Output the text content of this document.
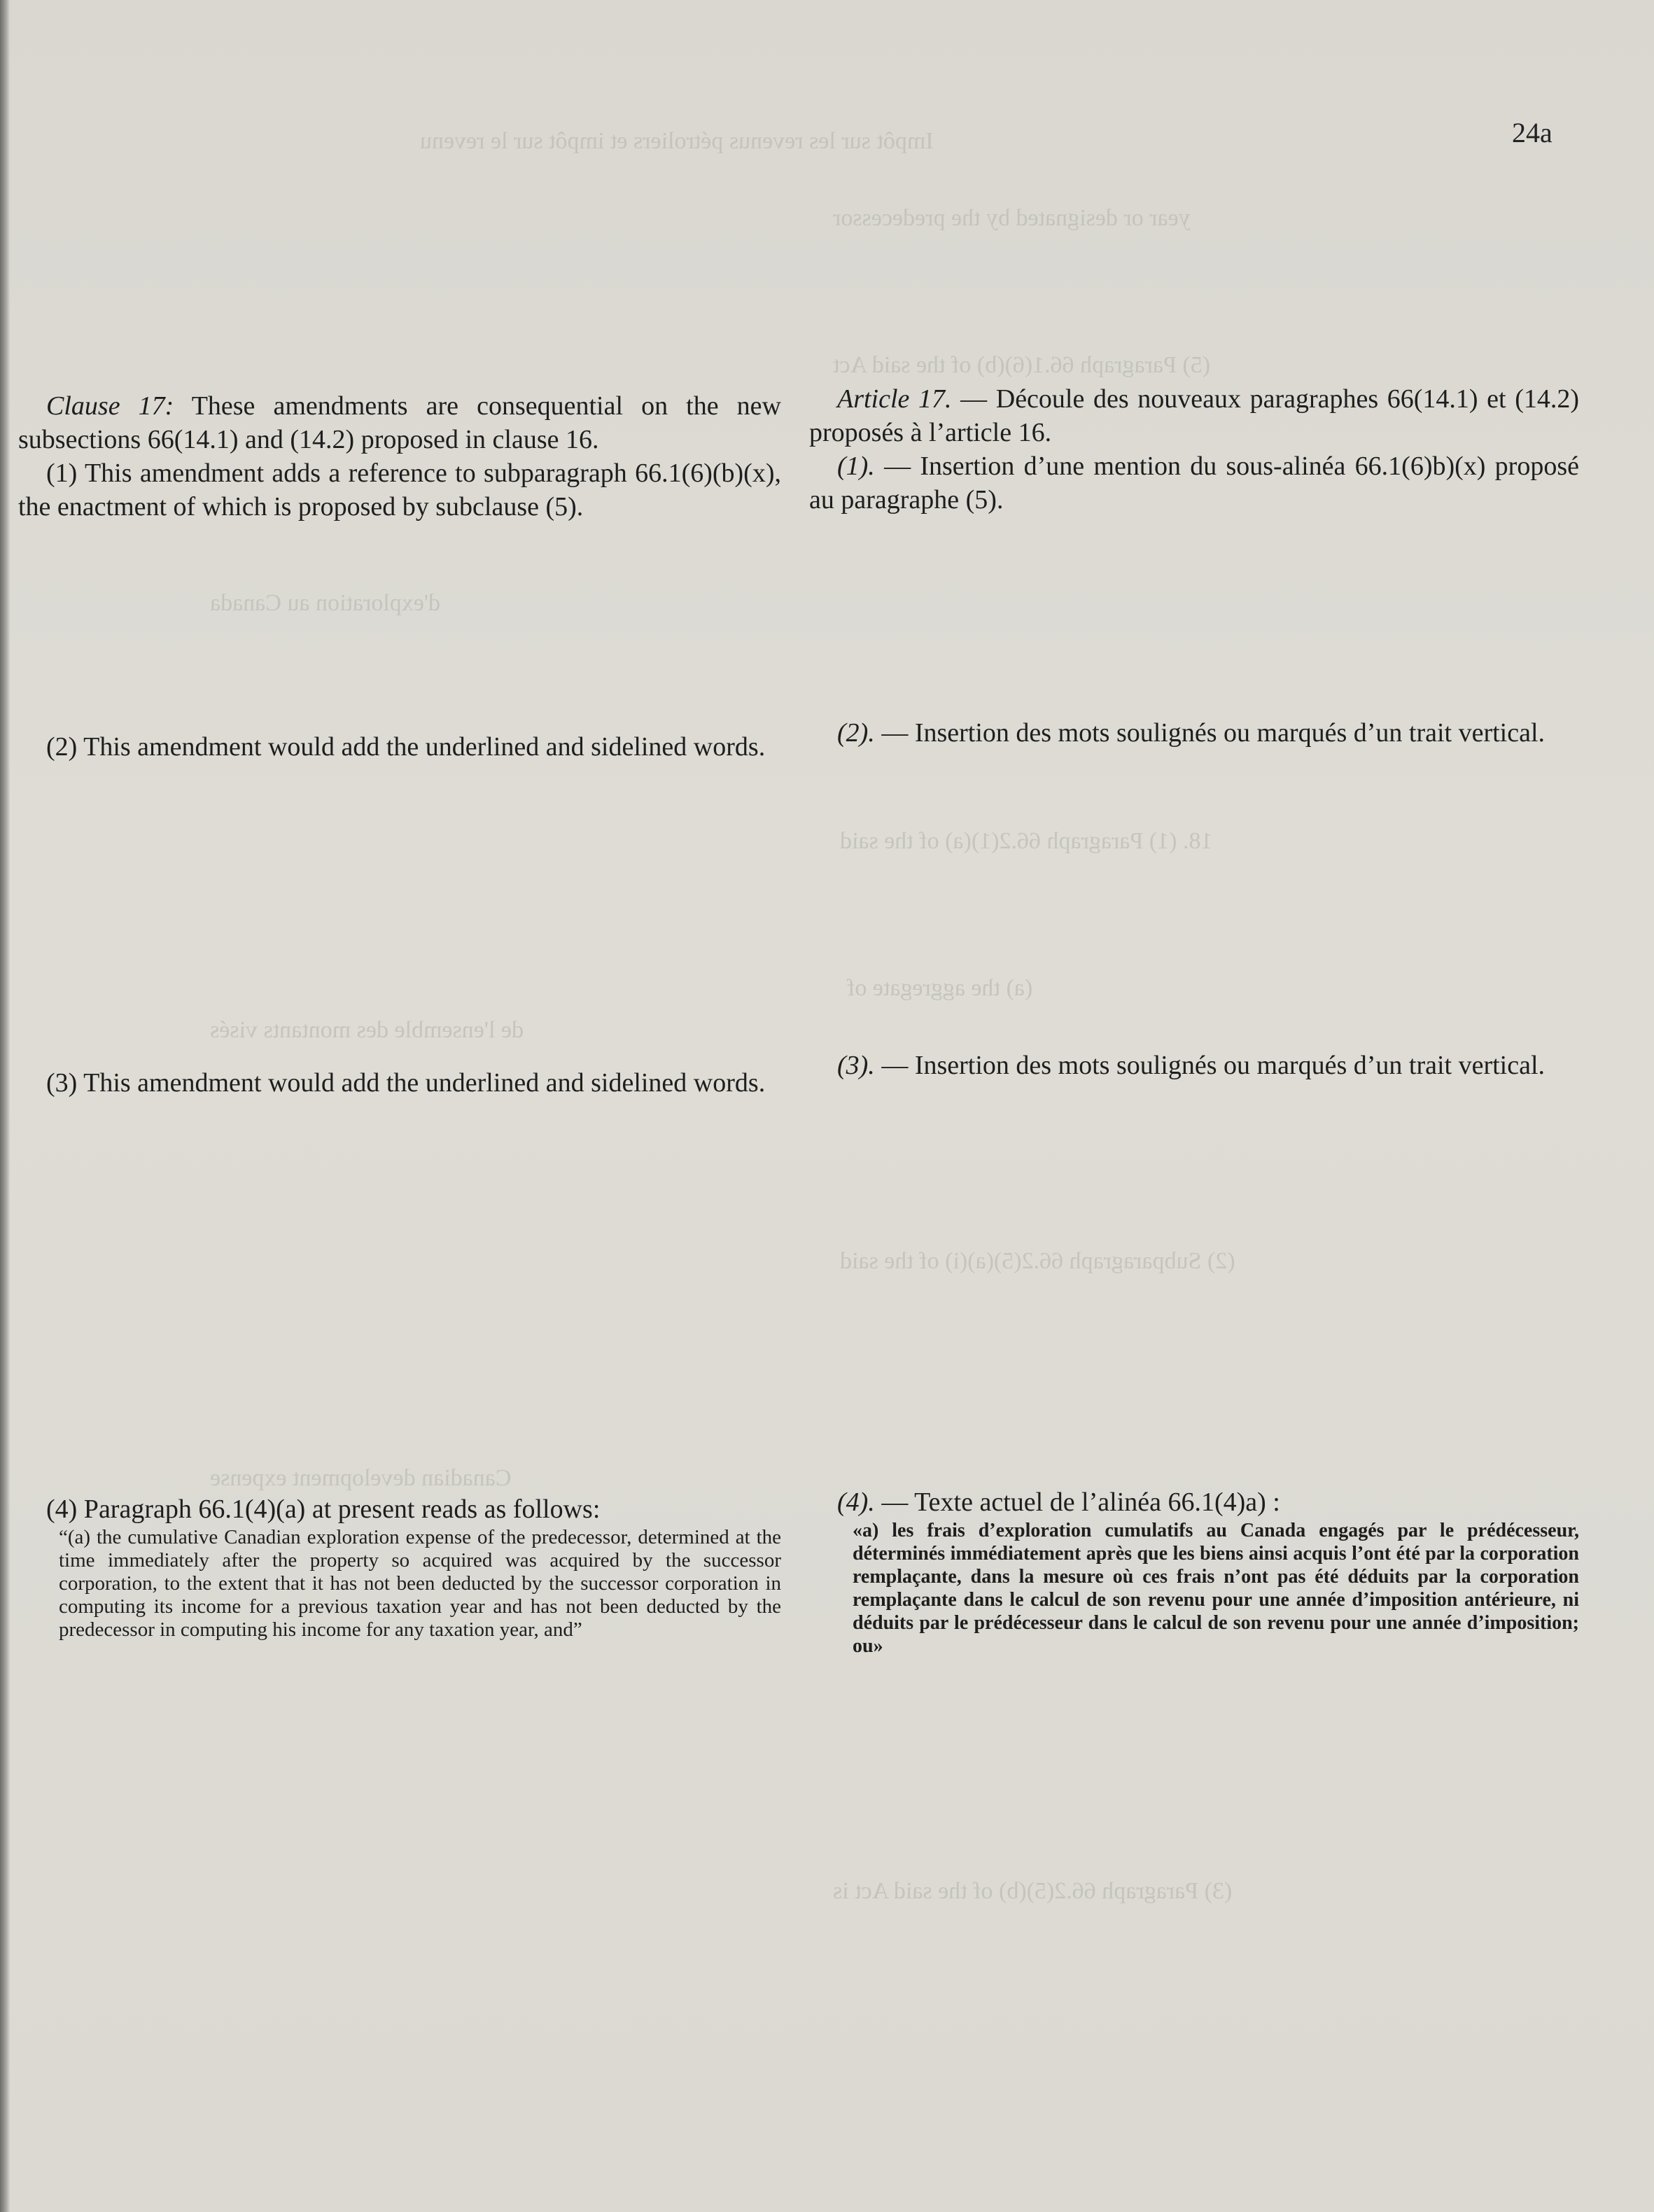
Impôt sur les revenus pétroliers et impôt sur le revenu
year or designated by the predecessor
(5) Paragraph 66.1(6)(b) of the said Act
d'exploration au Canada
18. (1) Paragraph 66.2(1)(a) of the said
(a) the aggregate of
de l'ensemble des montants visés
(2) Subparagraph 66.2(5)(a)(i) of the said
Canadian development expense
(3) Paragraph 66.2(5)(b) of the said Act is
24a

Clause 17: These amendments are consequential on the new subsections 66(14.1) and (14.2) proposed in clause 16.

(1) This amendment adds a reference to subparagraph 66.1(6)(b)(x), the enactment of which is proposed by subclause (5).

(2) This amendment would add the underlined and sidelined words.

(3) This amendment would add the underlined and sidelined words.

(4) Paragraph 66.1(4)(a) at present reads as follows:

“(a) the cumulative Canadian exploration expense of the predecessor, determined at the time immediately after the property so acquired was acquired by the successor corporation, to the extent that it has not been deducted by the successor corporation in computing its income for a previous taxation year and has not been deducted by the predecessor in computing his income for any taxation year, and”

Article 17. — Découle des nouveaux paragraphes 66(14.1) et (14.2) proposés à l’article 16.

(1). — Insertion d’une mention du sous-alinéa 66.1(6)b)(x) proposé au paragraphe (5).

(2). — Insertion des mots soulignés ou marqués d’un trait vertical.

(3). — Insertion des mots soulignés ou marqués d’un trait vertical.

(4). — Texte actuel de l’alinéa 66.1(4)a) :

«a) les frais d’exploration cumulatifs au Canada engagés par le prédécesseur, déterminés immédiatement après que les biens ainsi acquis l’ont été par la corporation remplaçante, dans la mesure où ces frais n’ont pas été déduits par la corporation remplaçante dans le calcul de son revenu pour une année d’imposition antérieure, ni déduits par le prédécesseur dans le calcul de son revenu pour une année d’imposition; ou»
